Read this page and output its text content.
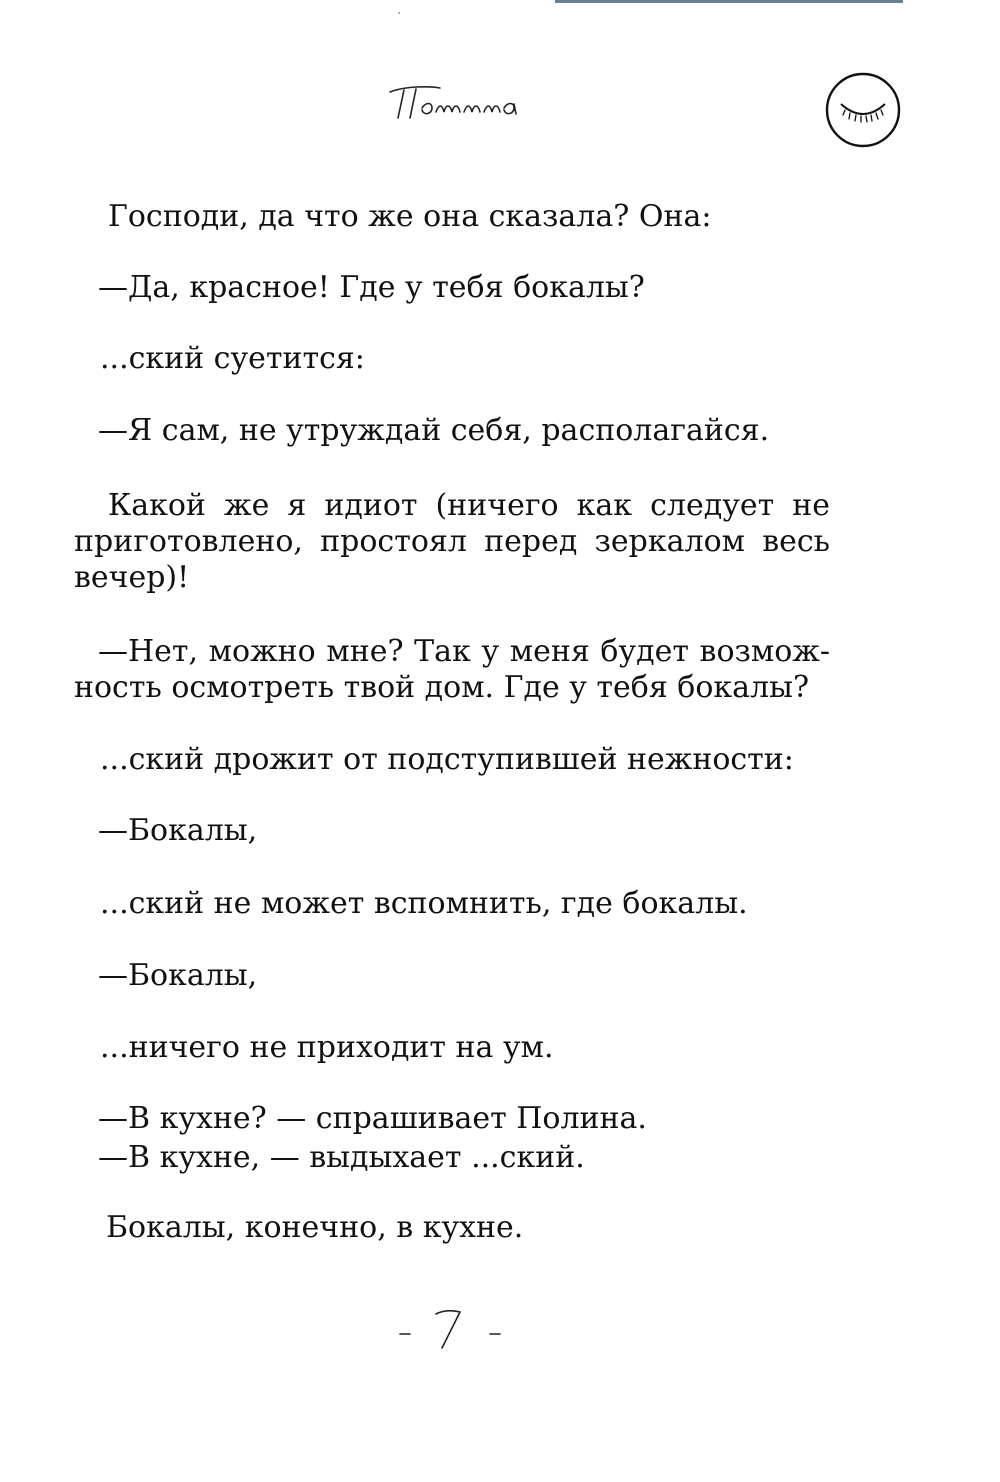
Господи, да что же она сказала? Она:
—Да, красное! Где у тебя бокалы?
...ский суетится:
—Я сам, не утруждай себя, располагайся.
Какой же я идиот (ничего как следует не
приготовлено, простоял перед зеркалом весь
вечер)!
—Нет, можно мне? Так у меня будет возмож-
ность осмотреть твой дом. Где у тебя бокалы?
...ский дрожит от подступившей нежности:
—Бокалы,
...ский не может вспомнить, где бокалы.
—Бокалы,
...ничего не приходит на ум.
—В кухне? — спрашивает Полина.
—В кухне, — выдыхает ...ский.
Бокалы, конечно, в кухне.
